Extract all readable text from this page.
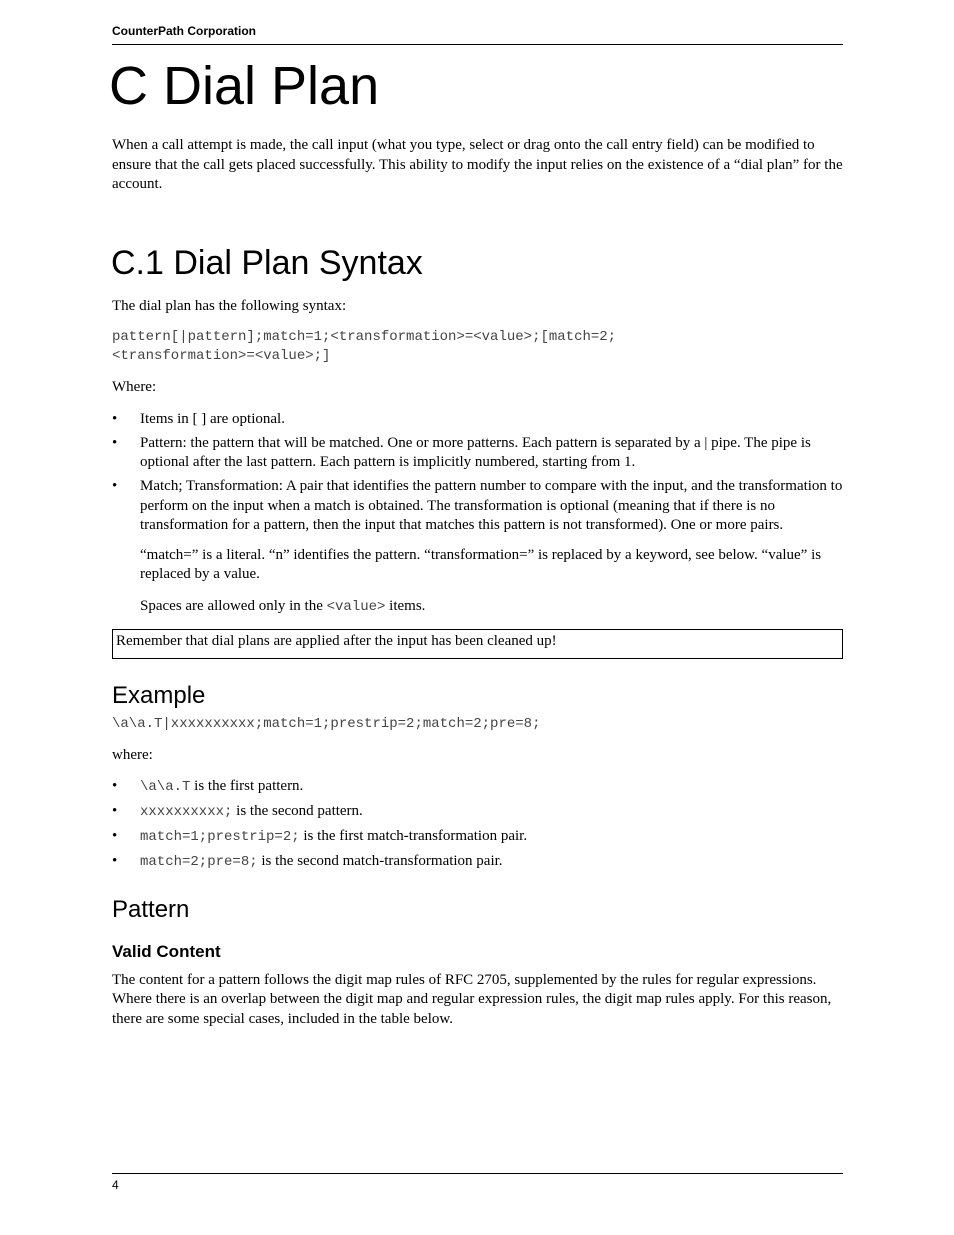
CounterPath Corporation
C Dial Plan

When a call attempt is made, the call input (what you type, select or drag onto the call entry field) can be modified to ensure that the call gets placed successfully. This ability to modify the input relies on the existence of a “dial plan” for the account.

C.1 Dial Plan Syntax

The dial plan has the following syntax:

pattern[|pattern];match=1;<transformation>=<value>;[match=2;
<transformation>=<value>;]

Where:

• Items in [ ] are optional.
• Pattern: the pattern that will be matched. One or more patterns. Each pattern is separated by a | pipe. The pipe is optional after the last pattern. Each pattern is implicitly numbered, starting from 1.
• Match; Transformation: A pair that identifies the pattern number to compare with the input, and the transformation to perform on the input when a match is obtained. The transformation is optional (meaning that if there is no transformation for a pattern, then the input that matches this pattern is not transformed). One or more pairs.
“match=” is a literal. “n” identifies the pattern. “transformation=” is replaced by a keyword, see below. “value” is replaced by a value.
Spaces are allowed only in the <value> items.
Remember that dial plans are applied after the input has been cleaned up!
Example
\a\a.T|xxxxxxxxxx;match=1;prestrip=2;match=2;pre=8;

where:

• \a\a.T is the first pattern.
• xxxxxxxxxx; is the second pattern.
• match=1;prestrip=2; is the first match-transformation pair.
• match=2;pre=8; is the second match-transformation pair.
Pattern
Valid Content

The content for a pattern follows the digit map rules of RFC 2705, supplemented by the rules for regular expressions. Where there is an overlap between the digit map and regular expression rules, the digit map rules apply. For this reason, there are some special cases, included in the table below.

4
